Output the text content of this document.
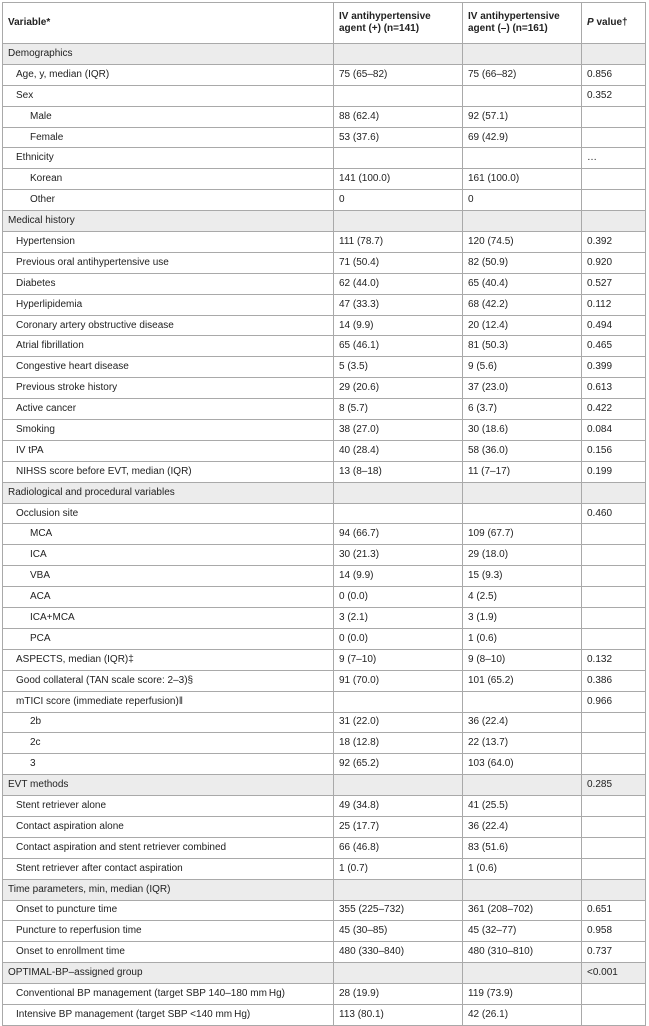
Variable*	IV antihypertensive agent (+) (n=141)	IV antihypertensive agent (–) (n=161)	P value†
Demographics			
Age, y, median (IQR)	75 (65–82)	75 (66–82)	0.856
Sex			0.352
Male	88 (62.4)	92 (57.1)	
Female	53 (37.6)	69 (42.9)	
Ethnicity			…
Korean	141 (100.0)	161 (100.0)	
Other	0	0	
Medical history			
Hypertension	111 (78.7)	120 (74.5)	0.392
Previous oral antihypertensive use	71 (50.4)	82 (50.9)	0.920
Diabetes	62 (44.0)	65 (40.4)	0.527
Hyperlipidemia	47 (33.3)	68 (42.2)	0.112
Coronary artery obstructive disease	14 (9.9)	20 (12.4)	0.494
Atrial fibrillation	65 (46.1)	81 (50.3)	0.465
Congestive heart disease	5 (3.5)	9 (5.6)	0.399
Previous stroke history	29 (20.6)	37 (23.0)	0.613
Active cancer	8 (5.7)	6 (3.7)	0.422
Smoking	38 (27.0)	30 (18.6)	0.084
IV tPA	40 (28.4)	58 (36.0)	0.156
NIHSS score before EVT, median (IQR)	13 (8–18)	11 (7–17)	0.199
Radiological and procedural variables			
Occlusion site			0.460
MCA	94 (66.7)	109 (67.7)	
ICA	30 (21.3)	29 (18.0)	
VBA	14 (9.9)	15 (9.3)	
ACA	0 (0.0)	4 (2.5)	
ICA+MCA	3 (2.1)	3 (1.9)	
PCA	0 (0.0)	1 (0.6)	
ASPECTS, median (IQR)‡	9 (7–10)	9 (8–10)	0.132
Good collateral (TAN scale score: 2–3)§	91 (70.0)	101 (65.2)	0.386
mTICI score (immediate reperfusion)‖			0.966
2b	31 (22.0)	36 (22.4)	
2c	18 (12.8)	22 (13.7)	
3	92 (65.2)	103 (64.0)	
EVT methods			0.285
Stent retriever alone	49 (34.8)	41 (25.5)	
Contact aspiration alone	25 (17.7)	36 (22.4)	
Contact aspiration and stent retriever combined	66 (46.8)	83 (51.6)	
Stent retriever after contact aspiration	1 (0.7)	1 (0.6)	
Time parameters, min, median (IQR)			
Onset to puncture time	355 (225–732)	361 (208–702)	0.651
Puncture to reperfusion time	45 (30–85)	45 (32–77)	0.958
Onset to enrollment time	480 (330–840)	480 (310–810)	0.737
OPTIMAL-BP–assigned group			<0.001
Conventional BP management (target SBP 140–180 mm Hg)	28 (19.9)	119 (73.9)	
Intensive BP management (target SBP <140 mm Hg)	113 (80.1)	42 (26.1)	
